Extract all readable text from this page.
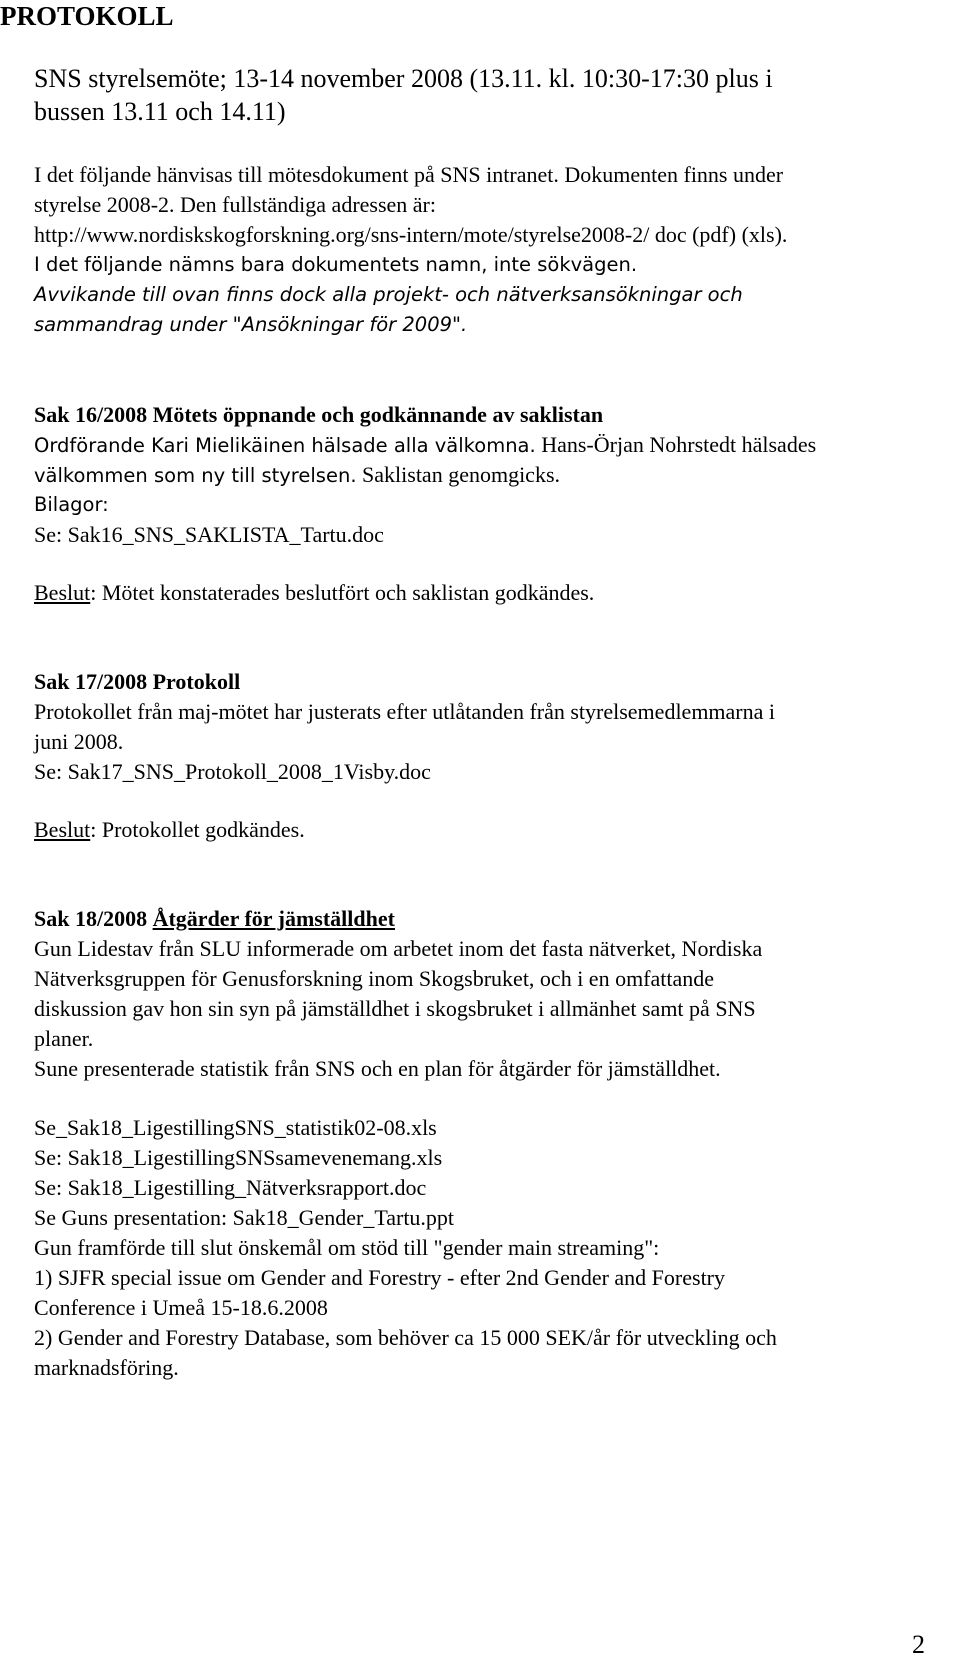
PROTOKOLL
SNS styrelsemöte; 13-14 november 2008 (13.11. kl. 10:30-17:30 plus i
bussen 13.11 och 14.11)
I det följande hänvisas till mötesdokument på SNS intranet. Dokumenten finns under
styrelse 2008-2. Den fullständiga adressen är:
http://www.nordiskskogforskning.org/sns-intern/mote/styrelse2008-2/ doc (pdf) (xls).
I det följande nämns bara dokumentets namn, inte sökvägen.
Avvikande till ovan finns dock alla projekt- och nätverksansökningar och
sammandrag under "Ansökningar för 2009".
Sak 16/2008 Mötets öppnande och godkännande av saklistan
Ordförande Kari Mielikäinen hälsade alla välkomna. Hans-Örjan Nohrstedt hälsades
välkommen som ny till styrelsen. Saklistan genomgicks.
Bilagor:
Se: Sak16_SNS_SAKLISTA_Tartu.doc
Beslut: Mötet konstaterades beslutfört och saklistan godkändes.
Sak 17/2008 Protokoll
Protokollet från maj-mötet har justerats efter utlåtanden från styrelsemedlemmarna i
juni 2008.
Se: Sak17_SNS_Protokoll_2008_1Visby.doc
Beslut: Protokollet godkändes.
Sak 18/2008 Åtgärder för jämställdhet
Gun Lidestav från SLU informerade om arbetet inom det fasta nätverket, Nordiska
Nätverksgruppen för Genusforskning inom Skogsbruket, och i en omfattande
diskussion gav hon sin syn på jämställdhet i skogsbruket i allmänhet samt på SNS
planer.
Sune presenterade statistik från SNS och en plan för åtgärder för jämställdhet.
Se_Sak18_LigestillingSNS_statistik02-08.xls
Se: Sak18_LigestillingSNSsamevenemang.xls
Se: Sak18_Ligestilling_Nätverksrapport.doc
Se Guns presentation: Sak18_Gender_Tartu.ppt
Gun framförde till slut önskemål om stöd till "gender main streaming":
1) SJFR special issue om Gender and Forestry - efter 2nd Gender and Forestry
Conference i Umeå 15-18.6.2008
2) Gender and Forestry Database, som behöver ca 15 000 SEK/år för utveckling och
marknadsföring.
2
